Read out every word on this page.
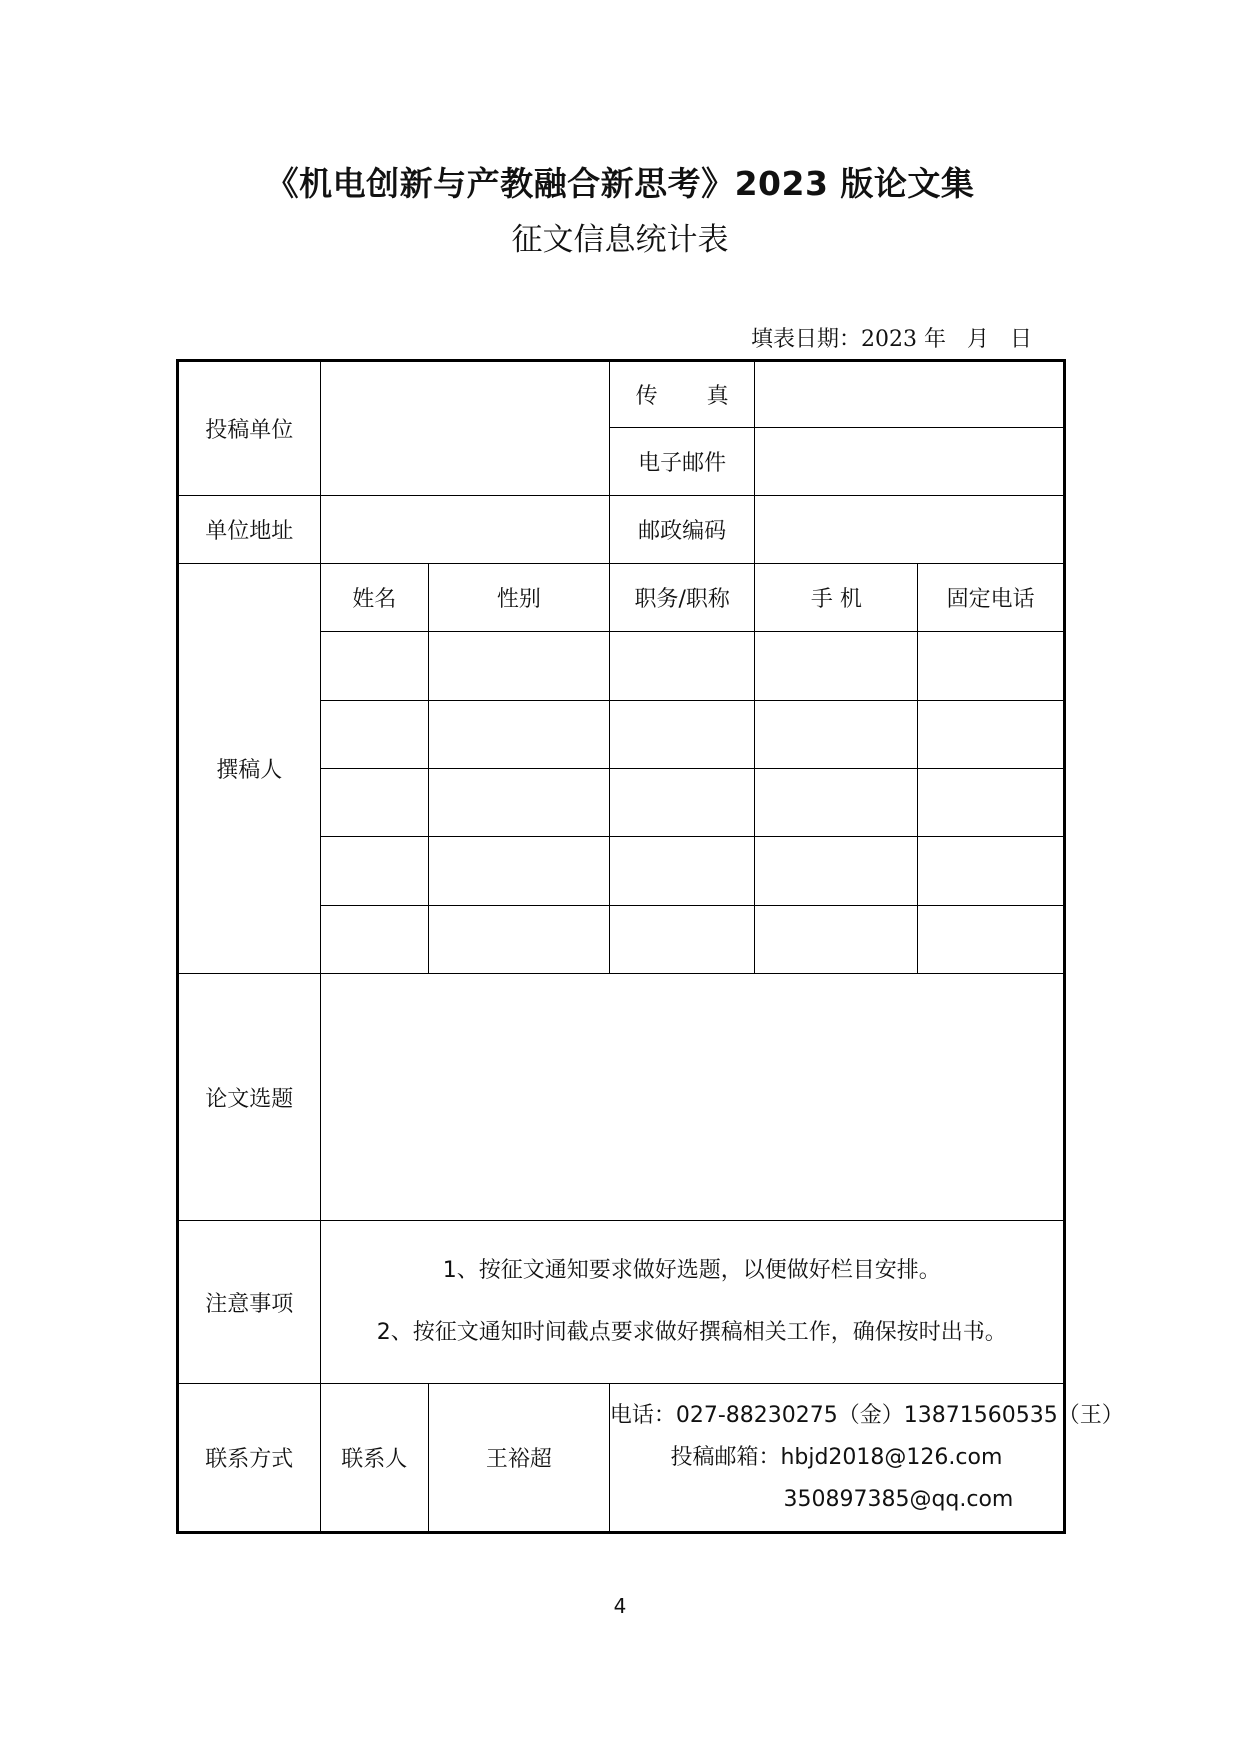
《机电创新与产教融合新思考》2023 版论文集
征文信息统计表
填表日期：2023 年   月   日
投稿单位			传       真		
			电子邮件		
单位地址			邮政编码		
撰稿人	姓名	性别	职务/职称	手 机	固定电话

论文选题					
注意事项	1、按征文通知要求做好选题，以便做好栏目安排。

2、按征文通知时间截点要求做好撰稿相关工作，确保按时出书。				

联系方式	联系人	王裕超	电话：027-88230275（金）13871560535（王）
投稿邮箱：hbjd2018@126.com
350897385@qq.com		
4
